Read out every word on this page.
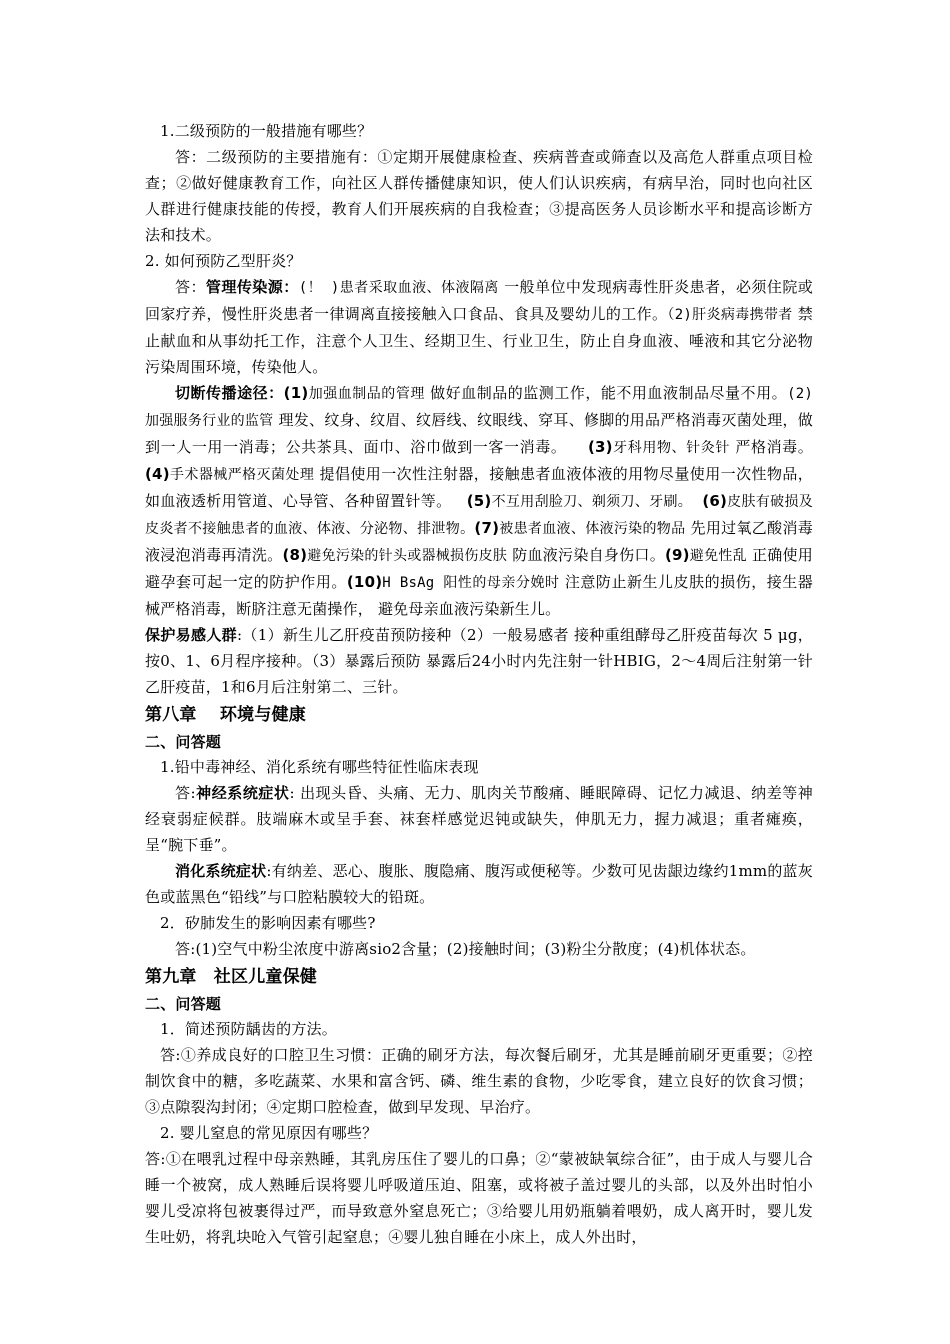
1.二级预防的一般措施有哪些？

答：二级预防的主要措施有：①定期开展健康检查、疾病普查或筛查以及高危人群重点项目检查；②做好健康教育工作，向社区人群传播健康知识，使人们认识疾病，有病早治，同时也向社区人群进行健康技能的传授，教育人们开展疾病的自我检查；③提高医务人员诊断水平和提高诊断方法和技术。

2. 如何预防乙型肝炎？

答：管理传染源：(！ )患者采取血液、体液隔离 一般单位中发现病毒性肝炎患者，必须住院或回家疗养，慢性肝炎患者一律调离直接接触入口食品、食具及婴幼儿的工作。（2)肝炎病毒携带者 禁止献血和从事幼托工作，注意个人卫生、经期卫生、行业卫生，防止自身血液、唾液和其它分泌物污染周围环境，传染他人。

切断传播途径：(1)加强血制品的管理 做好血制品的监测工作，能不用血液制品尽量不用。(2)加强服务行业的监管 理发、纹身、纹眉、纹唇线、纹眼线、穿耳、修脚的用品严格消毒灭菌处理，做到一人一用一消毒；公共茶具、面巾、浴巾做到一客一消毒。 (3)牙科用物、针灸针 严格消毒。(4)手术器械严格灭菌处理 提倡使用一次性注射器，接触患者血液体液的用物尽量使用一次性物品，如血液透析用管道、心导管、各种留置针等。 (5)不互用刮脸刀、剃须刀、牙刷。 (6)皮肤有破损及皮炎者不接触患者的血液、体液、分泌物、排泄物。(7)被患者血液、体液污染的物品 先用过氧乙酸消毒液浸泡消毒再清洗。(8)避免污染的针头或器械损伤皮肤 防血液污染自身伤口。(9)避免性乱 正确使用避孕套可起一定的防护作用。(10)H BsAg 阳性的母亲分娩时 注意防止新生儿皮肤的损伤，接生器械严格消毒，断脐注意无菌操作， 避免母亲血液污染新生儿。

保护易感人群:（1）新生儿乙肝疫苗预防接种（2）一般易感者 接种重组酵母乙肝疫苗每次 5 μg，按0、1、6月程序接种。（3）暴露后预防 暴露后24小时内先注射一针HBIG，2～4周后注射第一针乙肝疫苗，1和6月后注射第二、三针。

第八章　 环境与健康
二、问答题

1.铅中毒神经、消化系统有哪些特征性临床表现

答:神经系统症状: 出现头昏、头痛、无力、肌肉关节酸痛、睡眠障碍、记忆力减退、纳差等神经衰弱症候群。肢端麻木或呈手套、袜套样感觉迟钝或缺失，伸肌无力，握力减退；重者瘫痪，呈“腕下垂”。

消化系统症状:有纳差、恶心、腹胀、腹隐痛、腹泻或便秘等。少数可见齿龈边缘约1mm的蓝灰色或蓝黑色“铅线”与口腔粘膜较大的铅斑。

2．矽肺发生的影响因素有哪些?

答:(1)空气中粉尘浓度中游离sio2含量；(2)接触时间；(3)粉尘分散度；(4)机体状态。

第九章　社区儿童保健
二、问答题

1．简述预防龋齿的方法。

答:①养成良好的口腔卫生习惯：正确的刷牙方法，每次餐后刷牙，尤其是睡前刷牙更重要；②控制饮食中的糖，多吃蔬菜、水果和富含钙、磷、维生素的食物，少吃零食，建立良好的饮食习惯；③点隙裂沟封闭；④定期口腔检查，做到早发现、早治疗。

2. 婴儿窒息的常见原因有哪些？

答:①在喂乳过程中母亲熟睡，其乳房压住了婴儿的口鼻；②“蒙被缺氧综合征”，由于成人与婴儿合睡一个被窝，成人熟睡后误将婴儿呼吸道压迫、阻塞，或将被子盖过婴儿的头部，以及外出时怕小婴儿受凉将包被裹得过严，而导致意外窒息死亡；③给婴儿用奶瓶躺着喂奶，成人离开时，婴儿发生吐奶，将乳块呛入气管引起窒息；④婴儿独自睡在小床上，成人外出时，
